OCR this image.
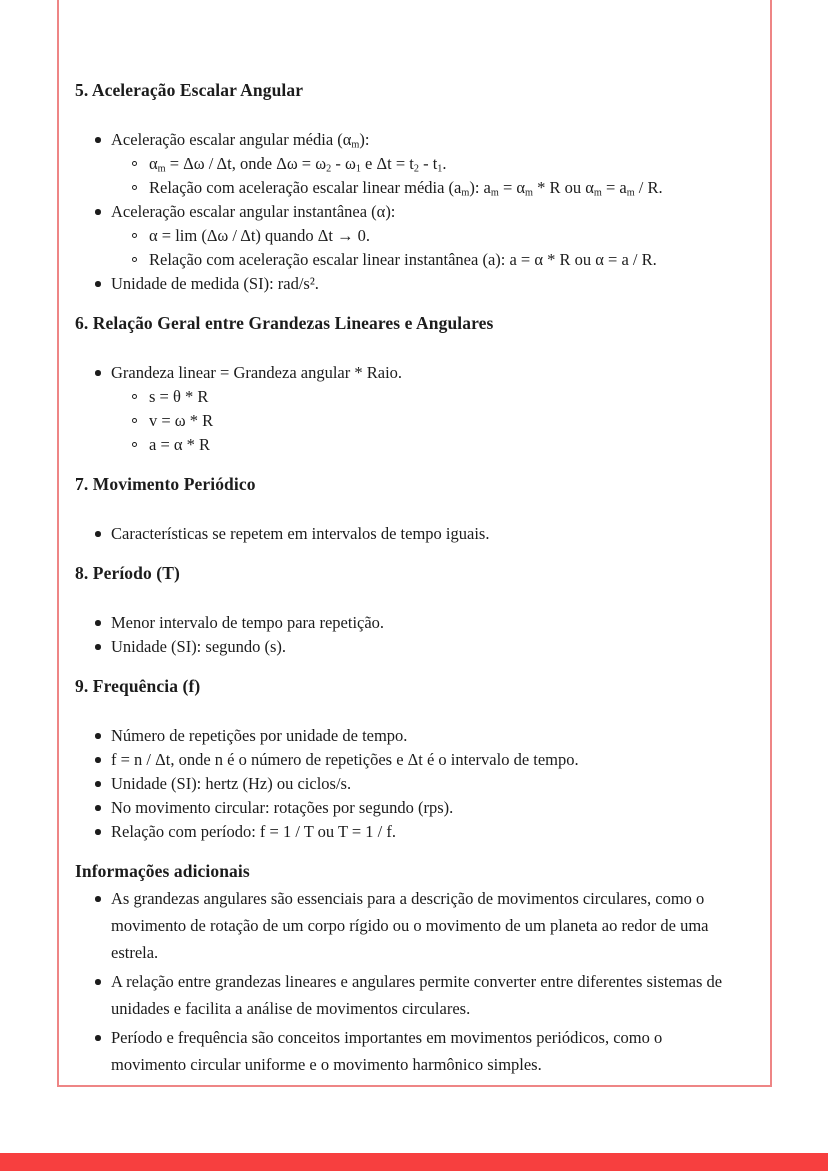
5. Aceleração Escalar Angular
Aceleração escalar angular média $(\alpha_m)$:
$\alpha_m = \Delta\omega / \Delta t$, onde $\Delta\omega = \omega_2 - \omega_1$ e $\Delta t = t_2 - t_1$.
Relação com aceleração escalar linear média $(a_m)$: $a_m = \alpha_m * R$ ou $\alpha_m = a_m / R$.
Aceleração escalar angular instantânea (α):
α = lim (Δω / Δt) quando Δt → 0.
Relação com aceleração escalar linear instantânea (a): a = α * R ou α = a / R.
Unidade de medida (SI): rad/s².
6. Relação Geral entre Grandezas Lineares e Angulares
Grandeza linear = Grandeza angular * Raio.
s = θ * R
v = ω * R
a = α * R
7. Movimento Periódico
Características se repetem em intervalos de tempo iguais.
8. Período (T)
Menor intervalo de tempo para repetição.
Unidade (SI): segundo (s).
9. Frequência (f)
Número de repetições por unidade de tempo.
f = n / Δt, onde n é o número de repetições e Δt é o intervalo de tempo.
Unidade (SI): hertz (Hz) ou ciclos/s.
No movimento circular: rotações por segundo (rps).
Relação com período: f = 1 / T ou T = 1 / f.
Informações adicionais
As grandezas angulares são essenciais para a descrição de movimentos circulares, como o movimento de rotação de um corpo rígido ou o movimento de um planeta ao redor de uma estrela.
A relação entre grandezas lineares e angulares permite converter entre diferentes sistemas de unidades e facilita a análise de movimentos circulares.
Período e frequência são conceitos importantes em movimentos periódicos, como o movimento circular uniforme e o movimento harmônico simples.
